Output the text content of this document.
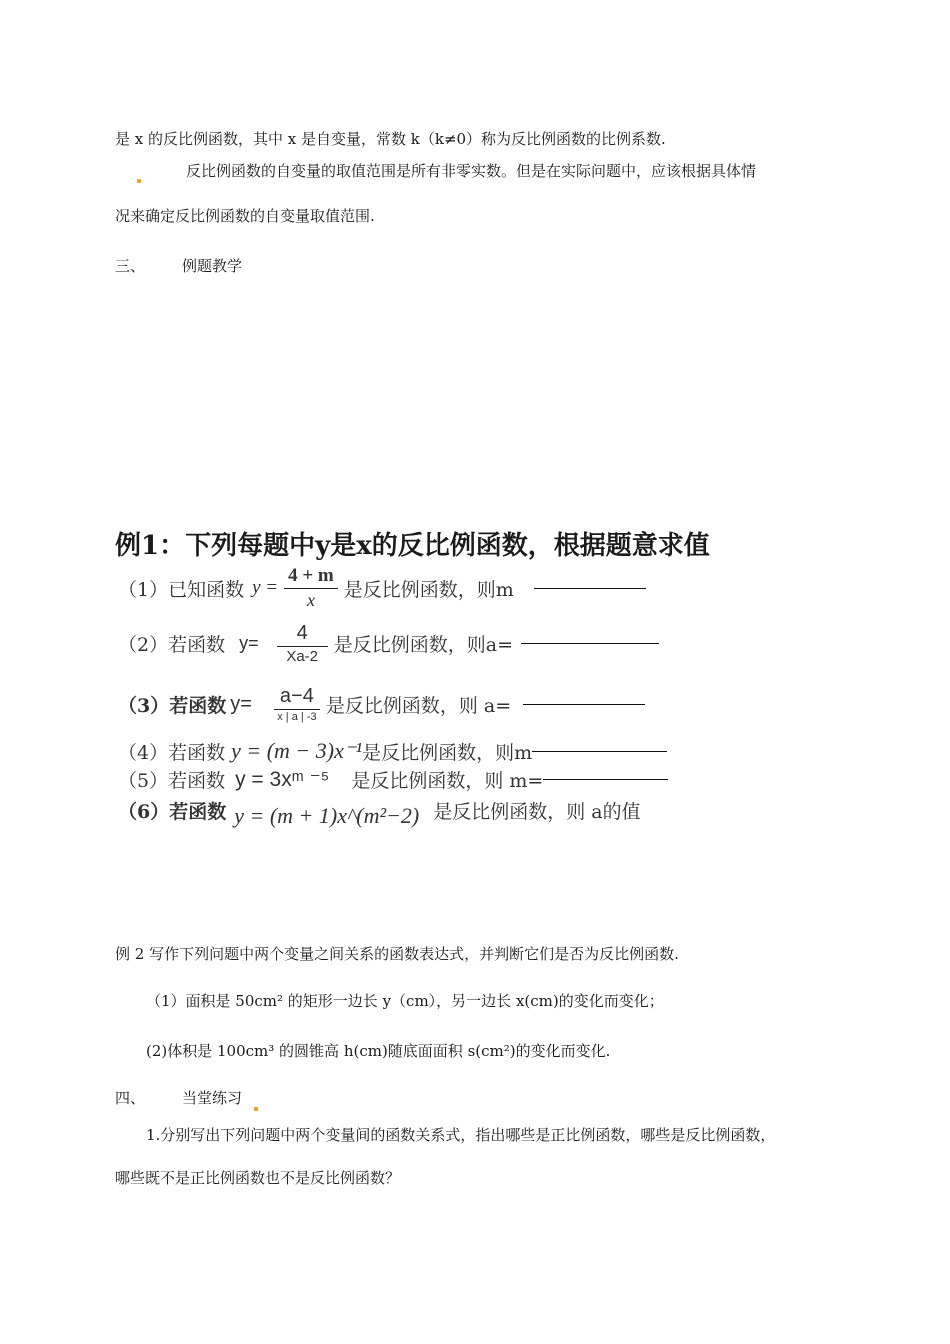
是 x 的反比例函数，其中 x 是自变量，常数 k（k≠0）称为反比例函数的比例系数.
反比例函数的自变量的取值范围是所有非零实数。但是在实际问题中，应该根据具体情
况来确定反比例函数的自变量取值范围.
三、 例题教学
例1：下列每题中y是x的反比例函数，根据题意求值
（1）已知函数 $y = \frac{4 + m}{x}$ 是反比例函数，则m
（2）若函数 $y= \frac{4}{Xa-2}$ 是反比例函数，则a=
（3）若函数 $y= \frac{a-4}{x | a | -3}$ 是反比例函数，则 a=
（4）若函数 y = (m − 3)x⁻¹ 是反比例函数，则m
（5）若函数 y = 3xᵐ ⁻⁵ 是反比例函数，则 m=
（6）若函数 y = (m + 1)x^(m²−2) 是反比例函数，则 a的值
例 2 写作下列问题中两个变量之间关系的函数表达式，并判断它们是否为反比例函数.
（1）面积是 50cm² 的矩形一边长 y（cm），另一边长 x(cm)的变化而变化；
(2)体积是 100cm³ 的圆锥高 h(cm)随底面面积 s(cm²)的变化而变化.
四、 当堂练习
1.分别写出下列问题中两个变量间的函数关系式，指出哪些是正比例函数，哪些是反比例函数，
哪些既不是正比例函数也不是反比例函数？
